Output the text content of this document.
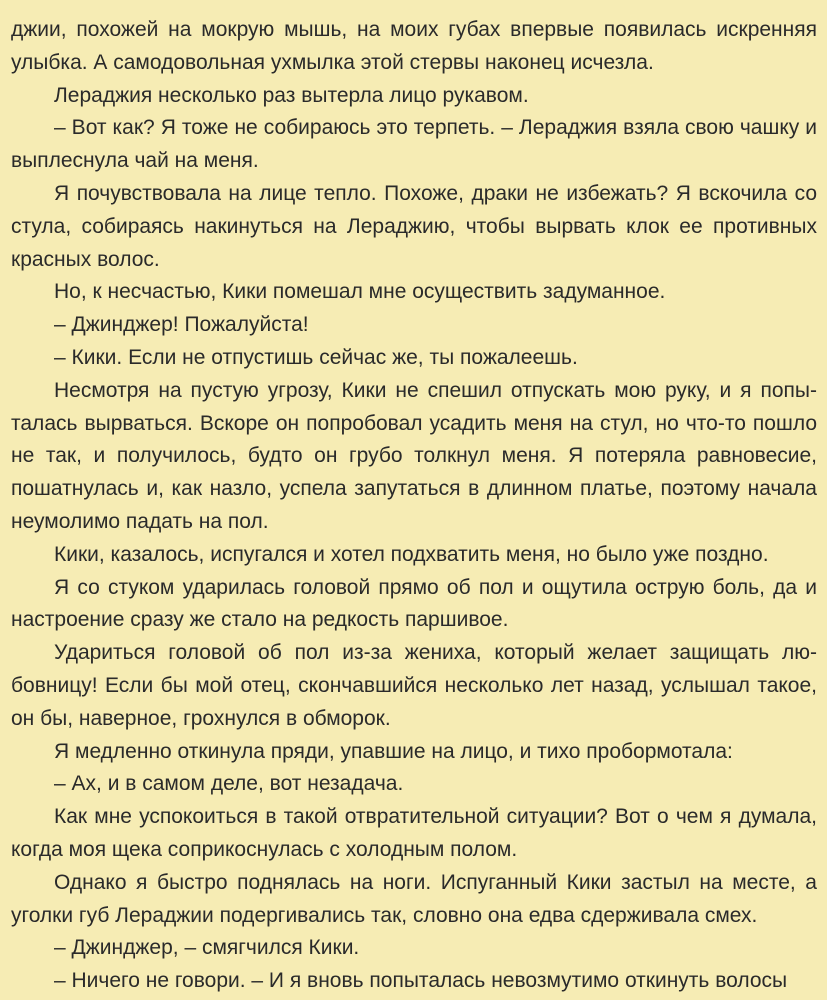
джии, похожей на мокрую мышь, на моих губах впервые появилась искренняя улыбка. А самодовольная ухмылка этой стервы наконец исчезла.

Лераджия несколько раз вытерла лицо рукавом.

– Вот как? Я тоже не собираюсь это терпеть. – Лераджия взяла свою чашку и выплеснула чай на меня.

Я почувствовала на лице тепло. Похоже, драки не избежать? Я вскочила со стула, собираясь накинуться на Лераджию, чтобы вырвать клок ее противных красных волос.

Но, к несчастью, Кики помешал мне осуществить задуманное.

– Джинджер! Пожалуйста!

– Кики. Если не отпустишь сейчас же, ты пожалеешь.

Несмотря на пустую угрозу, Кики не спешил отпускать мою руку, и я попыталась вырваться. Вскоре он попробовал усадить меня на стул, но что-то пошло не так, и получилось, будто он грубо толкнул меня. Я потеряла равновесие, пошатнулась и, как назло, успела запутаться в длинном платье, поэтому начала неумолимо падать на пол.

Кики, казалось, испугался и хотел подхватить меня, но было уже поздно.

Я со стуком ударилась головой прямо об пол и ощутила острую боль, да и настроение сразу же стало на редкость паршивое.

Удариться головой об пол из-за жениха, который желает защищать любовницу! Если бы мой отец, скончавшийся несколько лет назад, услышал такое, он бы, наверное, грохнулся в обморок.

Я медленно откинула пряди, упавшие на лицо, и тихо пробормотала:

– Ах, и в самом деле, вот незадача.

Как мне успокоиться в такой отвратительной ситуации? Вот о чем я думала, когда моя щека соприкоснулась с холодным полом.

Однако я быстро поднялась на ноги. Испуганный Кики застыл на месте, а уголки губ Лераджии подергивались так, словно она едва сдерживала смех.

– Джинджер, – смягчился Кики.

– Ничего не говори. – И я вновь попыталась невозмутимо откинуть волосы
